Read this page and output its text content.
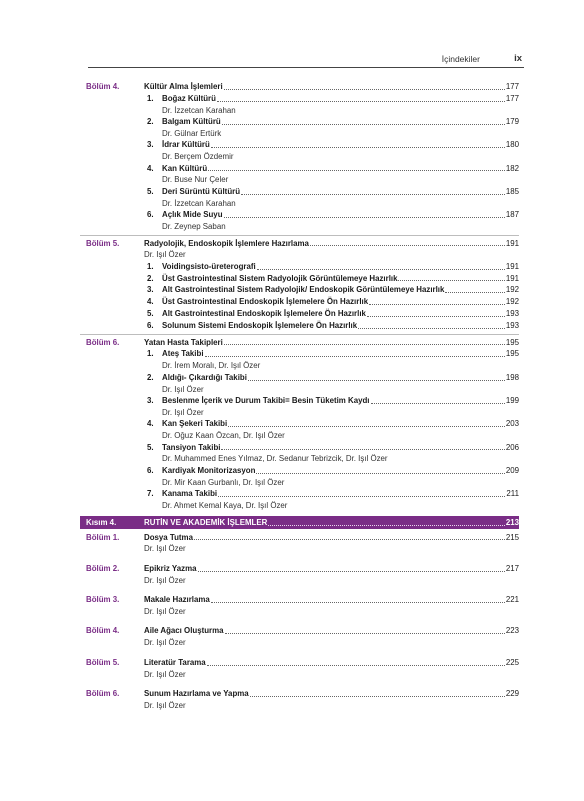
İçindekiler	ix
Bölüm 4.	Kültür Alma İşlemleri	177
1. Boğaz Kültürü	177
Dr. İzzetcan Karahan
2. Balgam Kültürü	179
Dr. Gülnar Ertürk
3. İdrar Kültürü	180
Dr. Berçem Özdemir
4. Kan Kültürü	182
Dr. Buse Nur Çeler
5. Deri Sürüntü Kültürü	185
Dr. İzzetcan Karahan
6. Açlık Mide Suyu	187
Dr. Zeynep Saban
Bölüm 5.	Radyolojik, Endoskopik İşlemlere Hazırlama	191
Dr. Işıl Özer
1. Voidingsisto-üreterografi	191
2. Üst Gastrointestinal Sistem Radyolojik Görüntülemeye Hazırlık	191
3. Alt Gastrointestinal Sistem Radyolojik/ Endoskopik Görüntülemeye Hazırlık	192
4. Üst Gastrointestinal Endoskopik İşlemelere Ön Hazırlık	192
5. Alt Gastrointestinal Endoskopik İşlemelere Ön Hazırlık	193
6. Solunum Sistemi Endoskopik İşlemelere Ön Hazırlık	193
Bölüm 6.	Yatan Hasta Takipleri	195
1. Ateş Takibi	195
Dr. İrem Moralı, Dr. Işıl Özer
2. Aldığı- Çıkardığı Takibi	198
Dr. Işıl Özer
3. Beslenme İçerik ve Durum Takibi= Besin Tüketim Kaydı	199
Dr. Işıl Özer
4. Kan Şekeri Takibi	203
Dr. Oğuz Kaan Özcan, Dr. Işıl Özer
5. Tansiyon Takibi	206
Dr. Muhammed Enes Yılmaz, Dr. Sedanur Tebrizcik, Dr. Işıl Özer
6. Kardiyak Monitorizasyon	209
Dr. Mir Kaan Gurbanlı, Dr. Işıl Özer
7. Kanama Takibi	211
Dr. Ahmet Kemal Kaya, Dr. Işıl Özer
Kısım 4.	RUTİN VE AKADEMİK İŞLEMLER	213
Bölüm 1.	Dosya Tutma	215
Dr. Işıl Özer
Bölüm 2.	Epikriz Yazma	217
Dr. Işıl Özer
Bölüm 3.	Makale Hazırlama	221
Dr. Işıl Özer
Bölüm 4.	Aile Ağacı Oluşturma	223
Dr. Işıl Özer
Bölüm 5.	Literatür Tarama	225
Dr. Işıl Özer
Bölüm 6.	Sunum Hazırlama ve Yapma	229
Dr. Işıl Özer
